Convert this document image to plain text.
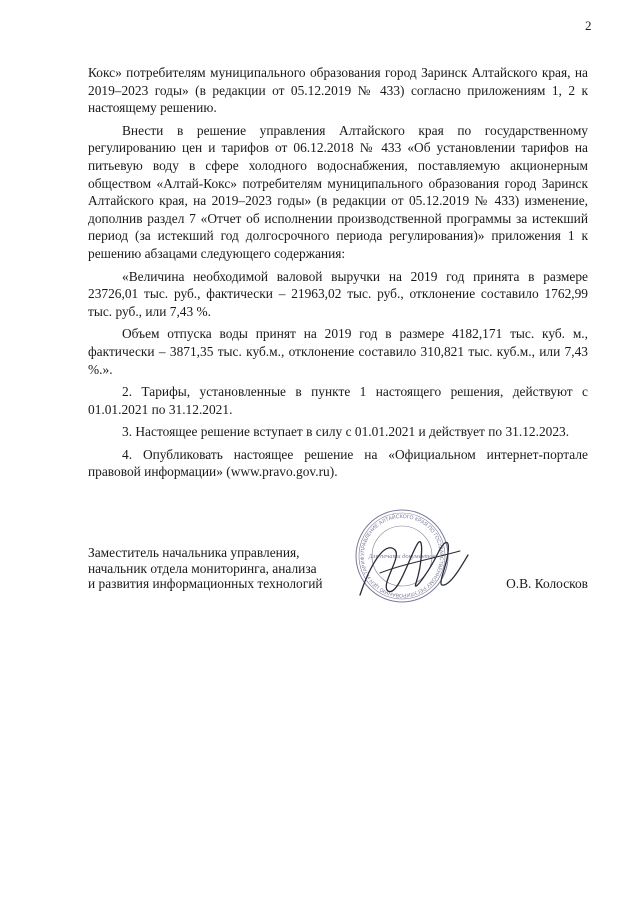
2

Кокс» потребителям муниципального образования город Заринск Алтайского края, на 2019–2023 годы» (в редакции от 05.12.2019 № 433) согласно приложениям 1, 2 к настоящему решению.

Внести в решение управления Алтайского края по государственному регулированию цен и тарифов от 06.12.2018 № 433 «Об установлении тарифов на питьевую воду в сфере холодного водоснабжения, поставляемую акционерным обществом «Алтай-Кокс» потребителям муниципального образования город Заринск Алтайского края, на 2019–2023 годы» (в редакции от 05.12.2019 № 433) изменение, дополнив раздел 7 «Отчет об исполнении производственной программы за истекший период (за истекший год долгосрочного периода регулирования)» приложения 1 к решению абзацами следующего содержания:

«Величина необходимой валовой выручки на 2019 год принята в размере 23726,01 тыс. руб., фактически – 21963,02 тыс. руб., отклонение составило 1762,99 тыс. руб., или 7,43 %.

Объем отпуска воды принят на 2019 год в размере 4182,171 тыс. куб. м., фактически – 3871,35 тыс. куб.м., отклонение составило 310,821 тыс. куб.м., или 7,43 %.».

2. Тарифы, установленные в пункте 1 настоящего решения, действуют с 01.01.2021 по 31.12.2021.

3. Настоящее решение вступает в силу с 01.01.2021 и действует по 31.12.2023.

4. Опубликовать настоящее решение на «Официальном интернет-портале правовой информации» (www.pravo.gov.ru).

УПРАВЛЕНИЕ АЛТАЙСКОГО КРАЯ ПО ГОСУДАРСТВЕННОМУ РЕГУЛИРОВАНИЮ ЦЕН И ТАРИФ Для печати документов
Заместитель начальника управления,
начальник отдела мониторинга, анализа
и развития информационных технологий	О.В. Колосков
